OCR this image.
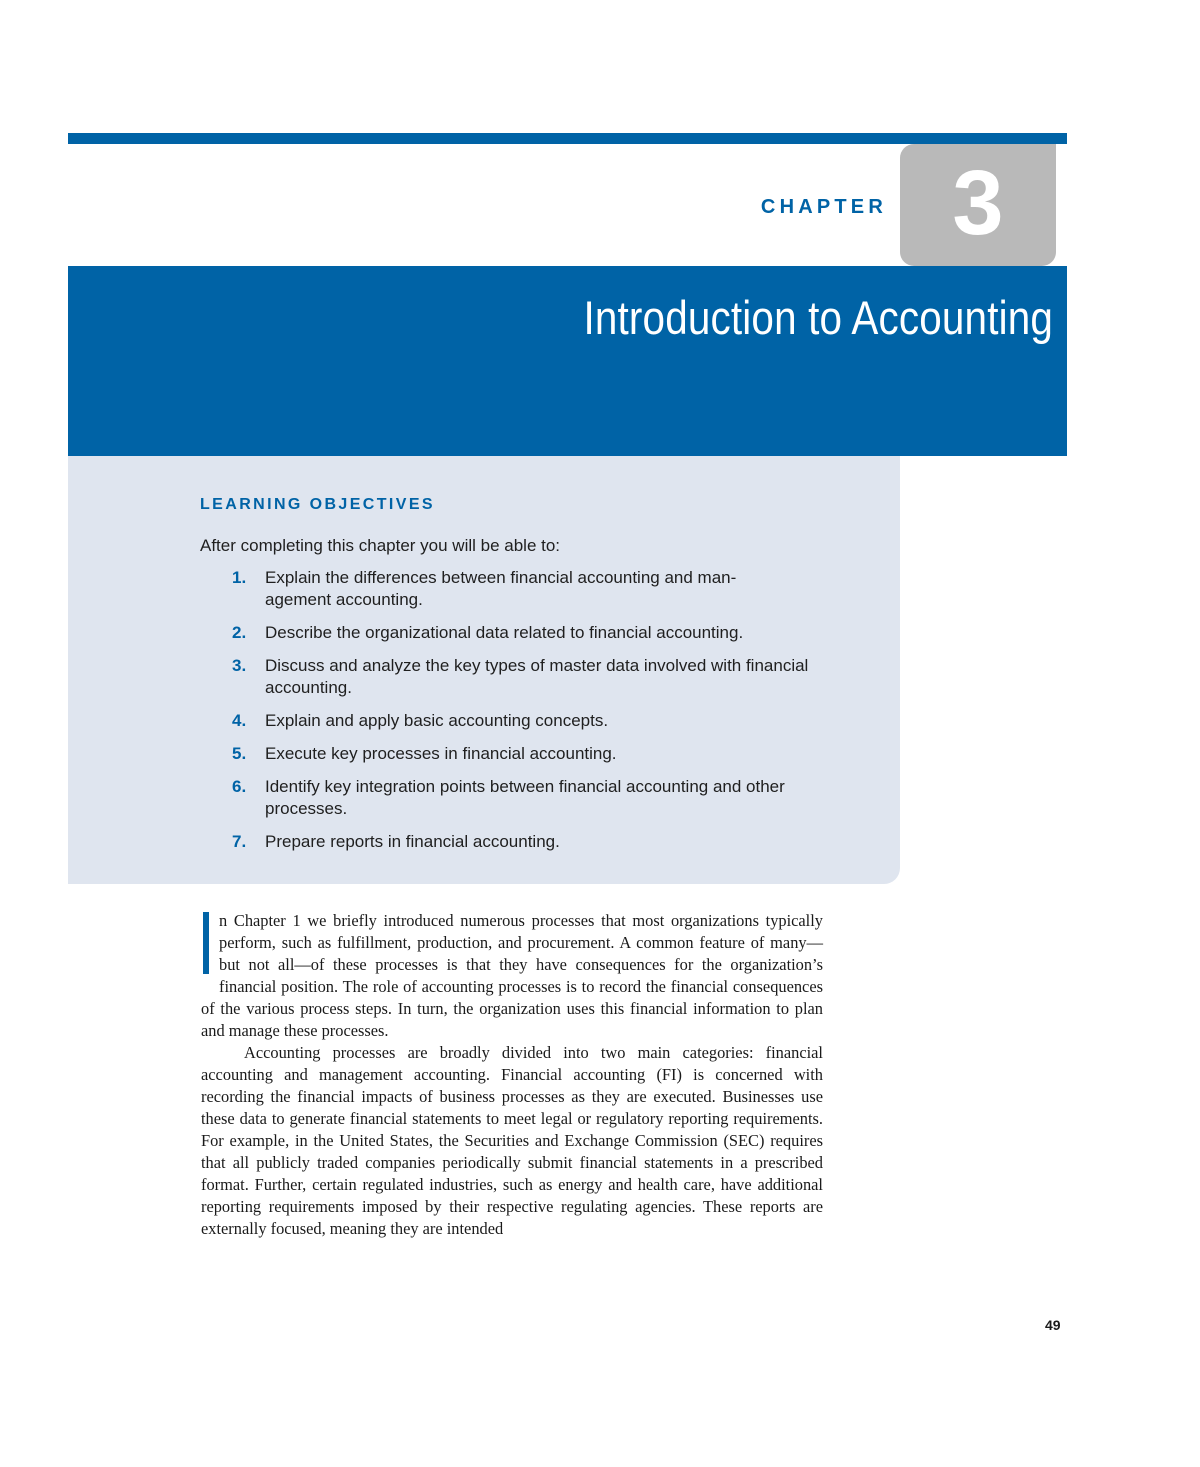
CHAPTER 3
Introduction to Accounting
LEARNING OBJECTIVES
After completing this chapter you will be able to:
1. Explain the differences between financial accounting and man-
agement accounting.
2. Describe the organizational data related to financial accounting.
3. Discuss and analyze the key types of master data involved with financial accounting.
4. Explain and apply basic accounting concepts.
5. Execute key processes in financial accounting.
6. Identify key integration points between financial accounting and other processes.
7. Prepare reports in financial accounting.

n Chapter 1 we briefly introduced numerous processes that most organizations typically perform, such as fulfillment, production, and procurement. A common feature of many—but not all—of these processes is that they have consequences for the organization’s financial position. The role of accounting processes is to record the financial consequences of the various process steps. In turn, the organization uses this financial information to plan and manage these processes.

Accounting processes are broadly divided into two main categories: financial accounting and management accounting. Financial accounting (FI) is concerned with recording the financial impacts of business processes as they are executed. Businesses use these data to generate financial statements to meet legal or regulatory reporting requirements. For example, in the United States, the Securities and Exchange Commission (SEC) requires that all publicly traded companies periodically submit financial statements in a prescribed format. Further, certain regulated industries, such as energy and health care, have additional reporting requirements imposed by their respective regulating agencies. These reports are externally focused, meaning they are intended

49
